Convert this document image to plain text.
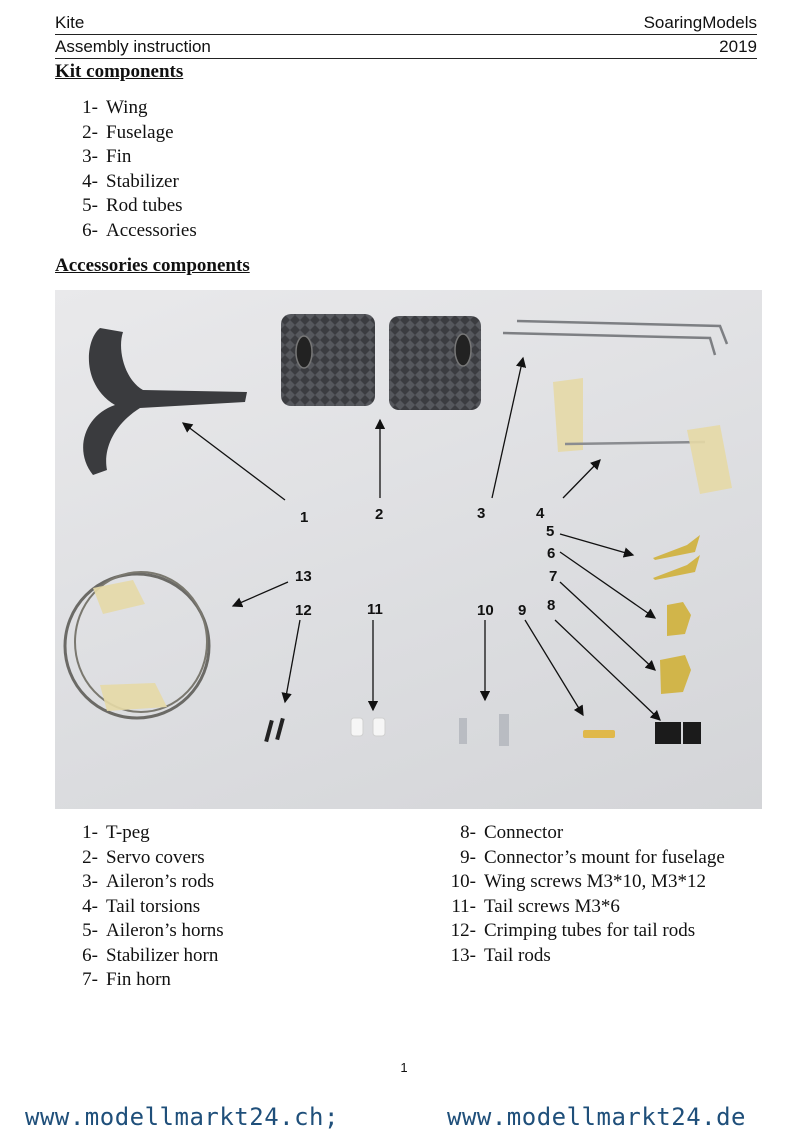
Kite	SoaringModels
Assembly instruction	2019
Kit components
1- Wing
2- Fuselage
3- Fin
4- Stabilizer
5- Rod tubes
6- Accessories
Accessories components
1	2	3	4
5
6
7
8
9
10
11
12
13
1- T-peg
2- Servo covers
3- Aileron’s rods
4- Tail torsions
5- Aileron’s horns
6- Stabilizer horn
7- Fin horn
8- Connector
9- Connector’s mount for fuselage
10- Wing screws M3*10, M3*12
11- Tail screws M3*6
12- Crimping tubes for tail rods
13- Tail rods
1
www.modellmarkt24.ch;	www.modellmarkt24.de
